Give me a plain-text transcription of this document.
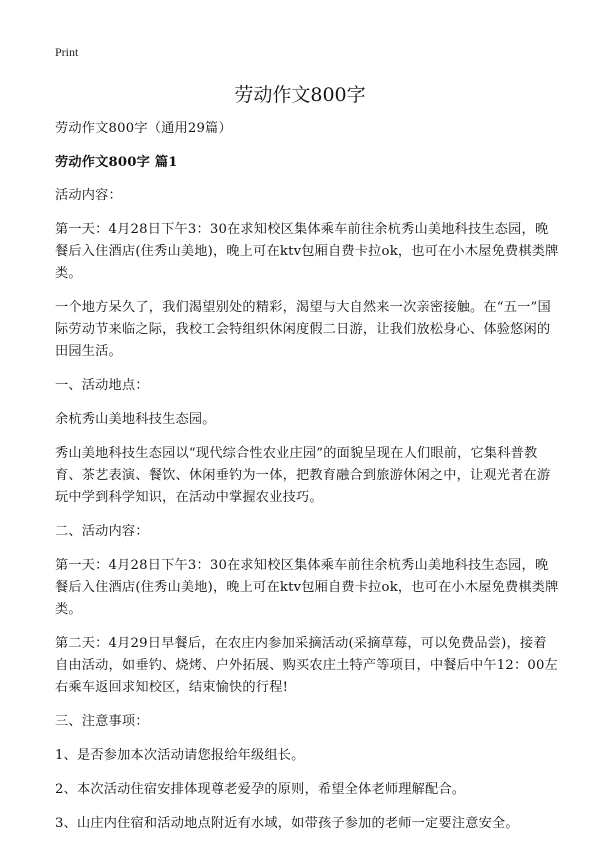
Print
劳动作文800字

劳动作文800字（通用29篇）

劳动作文800字 篇1

活动内容：

第一天：4月28日下午3：30在求知校区集体乘车前往余杭秀山美地科技生态园，晚餐后入住酒店(住秀山美地)，晚上可在ktv包厢自费卡拉ok，也可在小木屋免费棋类牌类。

一个地方呆久了，我们渴望别处的精彩，渴望与大自然来一次亲密接触。在“五一”国际劳动节来临之际，我校工会特组织休闲度假二日游，让我们放松身心、体验悠闲的田园生活。

一、活动地点：

余杭秀山美地科技生态园。

秀山美地科技生态园以“现代综合性农业庄园”的面貌呈现在人们眼前，它集科普教育、茶艺表演、餐饮、休闲垂钓为一体，把教育融合到旅游休闲之中，让观光者在游玩中学到科学知识，在活动中掌握农业技巧。

二、活动内容：

第一天：4月28日下午3：30在求知校区集体乘车前往余杭秀山美地科技生态园，晚餐后入住酒店(住秀山美地)，晚上可在ktv包厢自费卡拉ok，也可在小木屋免费棋类牌类。

第二天：4月29日早餐后，在农庄内参加采摘活动(采摘草莓，可以免费品尝)，接着自由活动，如垂钓、烧烤、户外拓展、购买农庄土特产等项目，中餐后中午12：00左右乘车返回求知校区，结束愉快的行程!

三、注意事项：

1、是否参加本次活动请您报给年级组长。

2、本次活动住宿安排体现尊老爱孕的原则，希望全体老师理解配合。

3、山庄内住宿和活动地点附近有水域，如带孩子参加的老师一定要注意安全。
